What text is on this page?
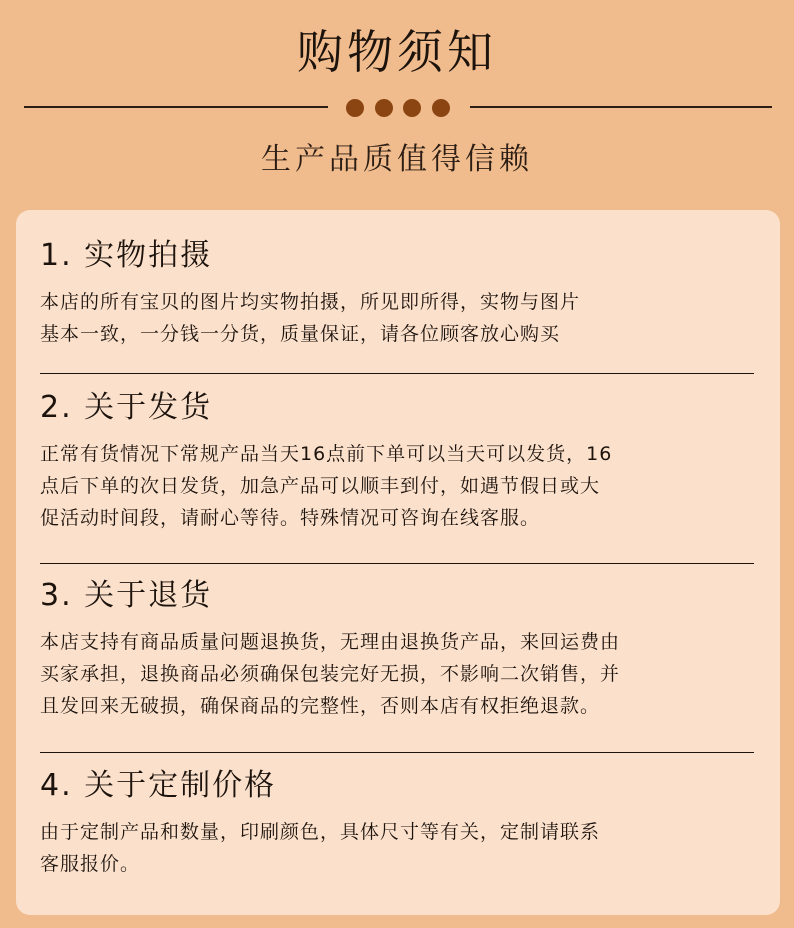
购物须知
生产品质值得信赖
1. 实物拍摄
本店的所有宝贝的图片均实物拍摄，所见即所得，实物与图片
基本一致，一分钱一分货，质量保证，请各位顾客放心购买
2. 关于发货
正常有货情况下常规产品当天16点前下单可以当天可以发货，16
点后下单的次日发货，加急产品可以顺丰到付，如遇节假日或大
促活动时间段，请耐心等待。特殊情况可咨询在线客服。
3. 关于退货
本店支持有商品质量问题退换货，无理由退换货产品，来回运费由
买家承担，退换商品必须确保包装完好无损，不影响二次销售，并
且发回来无破损，确保商品的完整性，否则本店有权拒绝退款。
4. 关于定制价格
由于定制产品和数量，印刷颜色，具体尺寸等有关，定制请联系
客服报价。
